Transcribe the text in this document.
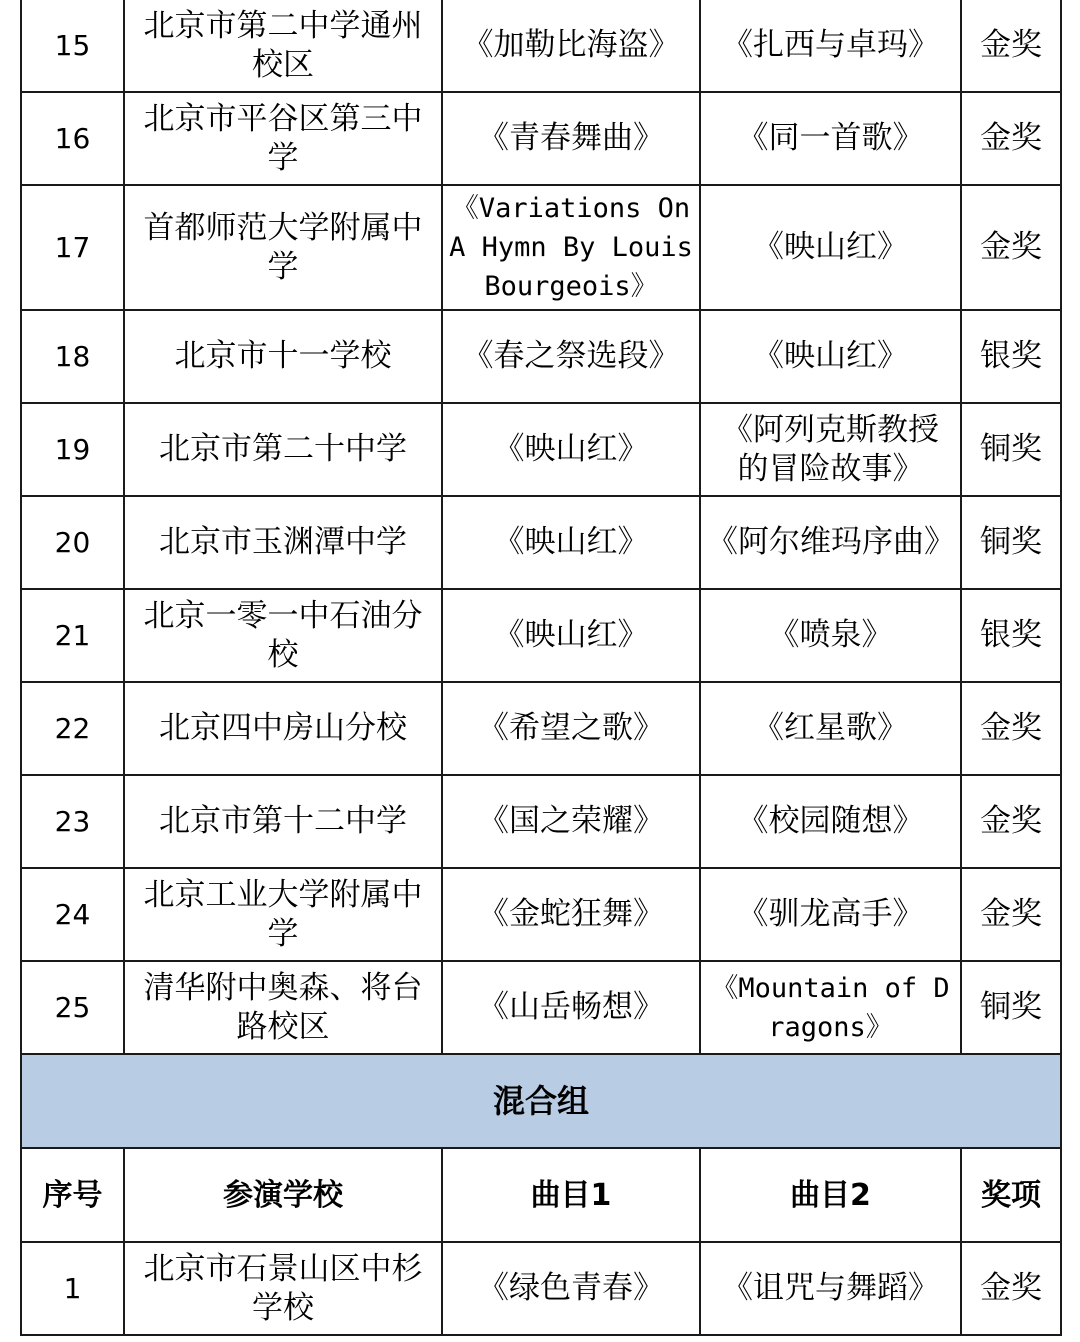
15	北京市第二中学通州校区	《加勒比海盗》	《扎西与卓玛》	金奖
16	北京市平谷区第三中学	《青春舞曲》	《同一首歌》	金奖
17	首都师范大学附属中学	《Variations On A Hymn By Louis Bourgeois》	《映山红》	金奖
18	北京市十一学校	《春之祭选段》	《映山红》	银奖
19	北京市第二十中学	《映山红》	《阿列克斯教授的冒险故事》	铜奖
20	北京市玉渊潭中学	《映山红》	《阿尔维玛序曲》	铜奖
21	北京一零一中石油分校	《映山红》	《喷泉》	银奖
22	北京四中房山分校	《希望之歌》	《红星歌》	金奖
23	北京市第十二中学	《国之荣耀》	《校园随想》	金奖
24	北京工业大学附属中学	《金蛇狂舞》	《驯龙高手》	金奖
25	清华附中奥森、将台路校区	《山岳畅想》	《Mountain of Dragons》	铜奖
混合组				
序号	参演学校	曲目1	曲目2	奖项
1	北京市石景山区中杉学校	《绿色青春》	《诅咒与舞蹈》	金奖
